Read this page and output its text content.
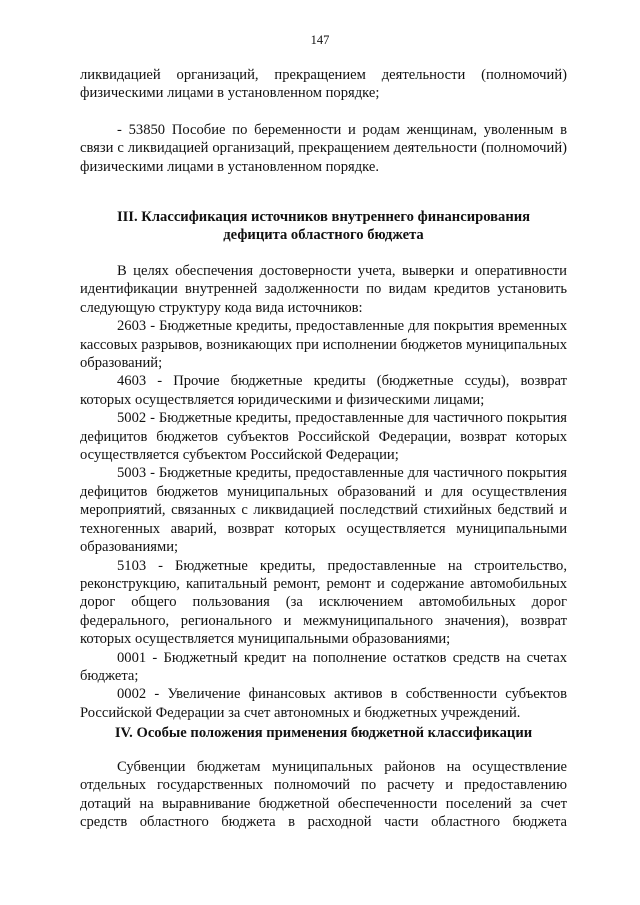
147

ликвидацией организаций, прекращением деятельности (полномочий) физическими лицами в установленном порядке;

- 53850 Пособие по беременности и родам женщинам, уволенным в связи с ликвидацией организаций, прекращением деятельности (полномочий) физическими лицами в установленном порядке.

III. Классификация источников внутреннего финансирования

дефицита областного бюджета

В целях обеспечения достоверности учета, выверки и оперативности идентификации внутренней задолженности по видам кредитов установить следующую структуру кода вида источников:

2603 - Бюджетные кредиты, предоставленные для покрытия временных кассовых разрывов, возникающих при исполнении бюджетов муниципальных образований;

4603 - Прочие бюджетные кредиты (бюджетные ссуды), возврат которых осуществляется юридическими и физическими лицами;

5002 - Бюджетные кредиты, предоставленные для частичного покрытия дефицитов бюджетов субъектов Российской Федерации, возврат которых осуществляется субъектом Российской Федерации;

5003 - Бюджетные кредиты, предоставленные для частичного покрытия дефицитов бюджетов муниципальных образований и для осуществления мероприятий, связанных с ликвидацией последствий стихийных бедствий и техногенных аварий, возврат которых осуществляется муниципальными образованиями;

5103 - Бюджетные кредиты, предоставленные на строительство, реконструкцию, капитальный ремонт, ремонт и содержание автомобильных дорог общего пользования (за исключением автомобильных дорог федерального, регионального и межмуниципального значения), возврат которых осуществляется муниципальными образованиями;

0001 - Бюджетный кредит на пополнение остатков средств на счетах бюджета;

0002 - Увеличение финансовых активов в собственности субъектов Российской Федерации за счет автономных и бюджетных учреждений.

IV. Особые положения применения бюджетной классификации

Субвенции бюджетам муниципальных районов на осуществление отдельных государственных полномочий по расчету и предоставлению дотаций на выравнивание бюджетной обеспеченности поселений за счет средств областного бюджета в расходной части областного бюджета
